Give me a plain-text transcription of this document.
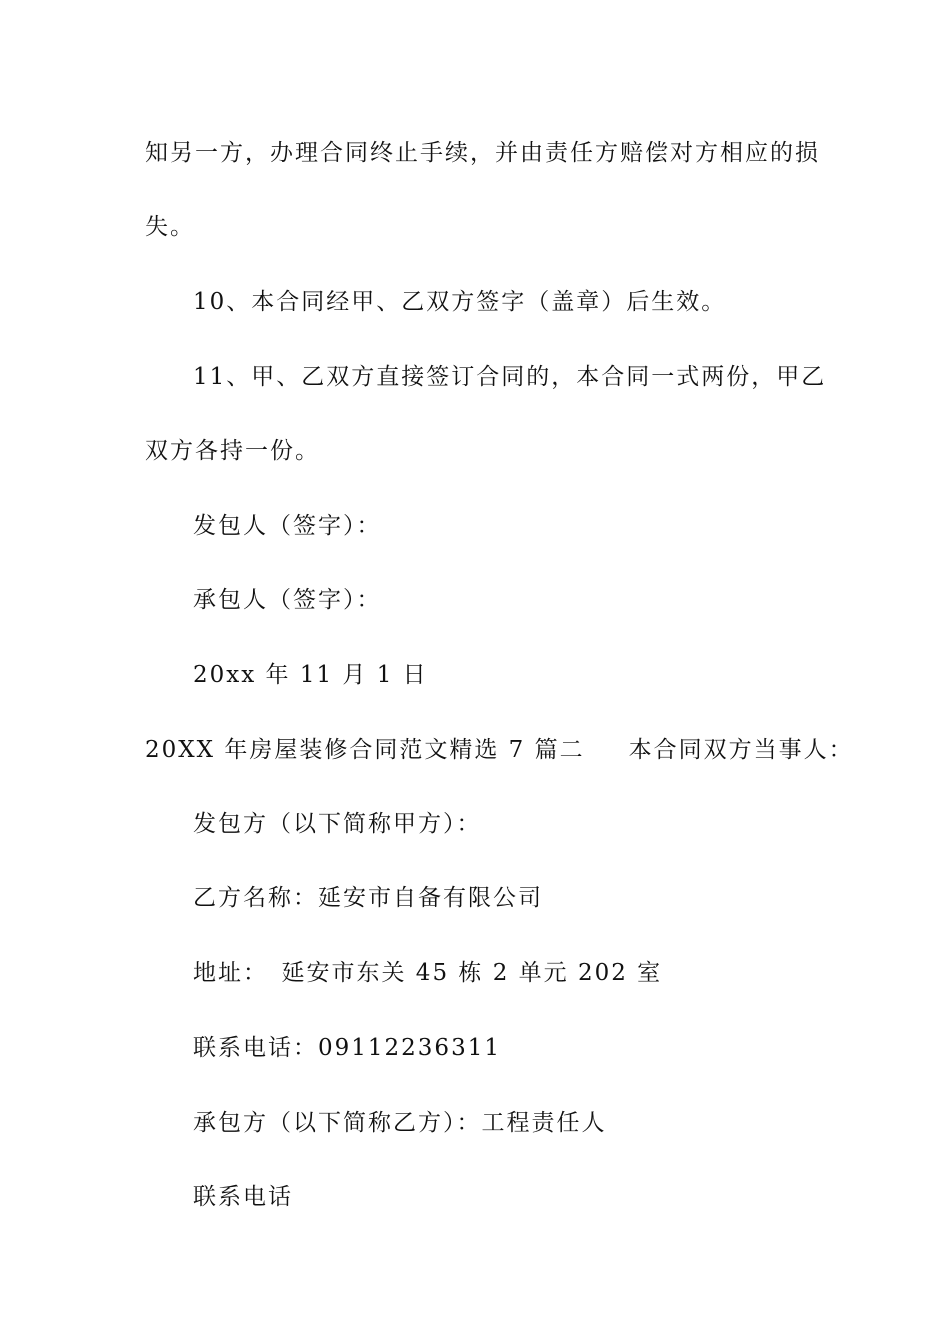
知另一方，办理合同终止手续，并由责任方赔偿对方相应的损
失。
10、本合同经甲、乙双方签字（盖章）后生效。
11、甲、乙双方直接签订合同的，本合同一式两份，甲乙
双方各持一份。
发包人（签字）：
承包人（签字）：
20xx 年 11 月 1 日
20XX 年房屋装修合同范文精选 7 篇二 本合同双方当事人：
发包方（以下简称甲方）：
乙方名称：延安市自备有限公司
地址：　延安市东关 45 栋 2 单元 202 室
联系电话：09112236311
承包方（以下简称乙方）：工程责任人
联系电话
